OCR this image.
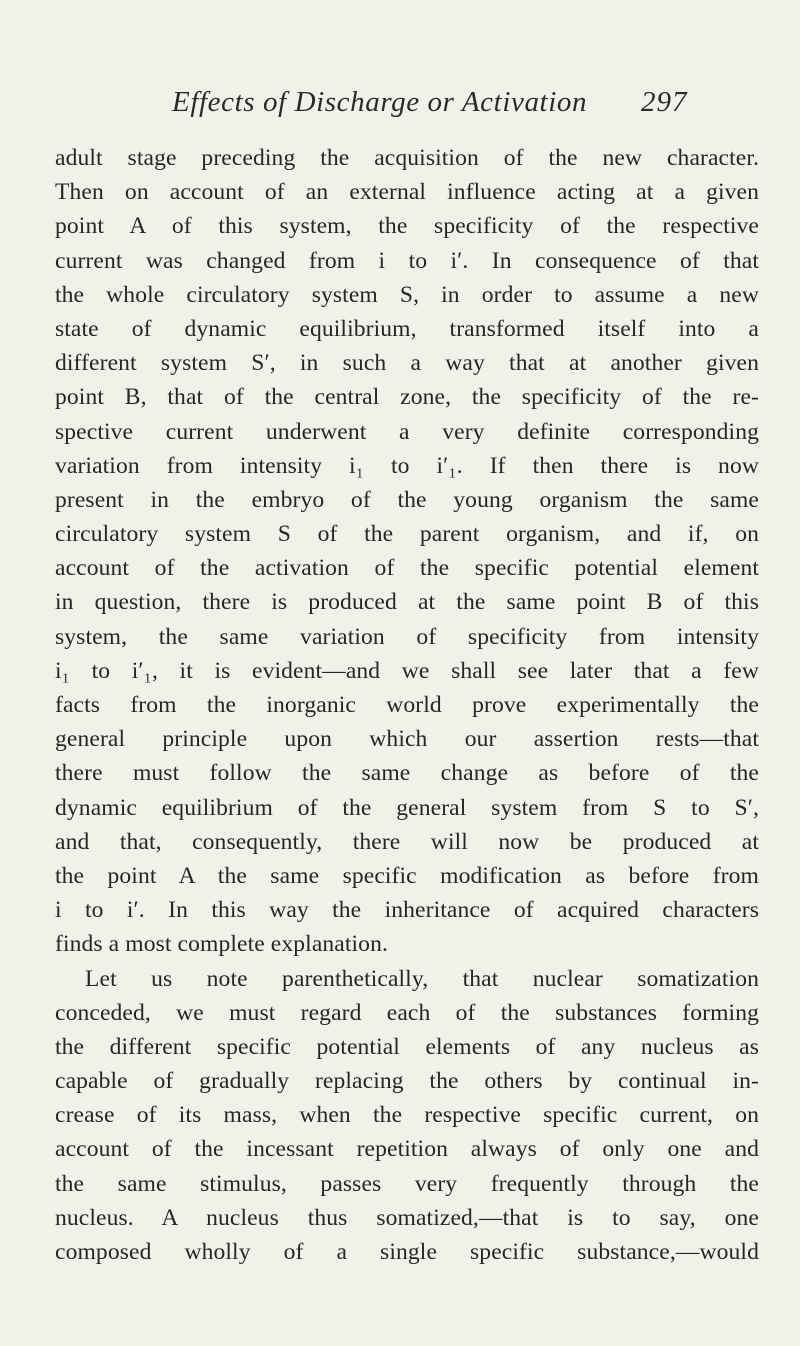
Effects of Discharge or Activation 297
adult stage preceding the acquisition of the new character.
Then on account of an external influence acting at a given
point A of this system, the specificity of the respective
current was changed from i to i′. In consequence of that
the whole circulatory system S, in order to assume a new
state of dynamic equilibrium, transformed itself into a
different system S′, in such a way that at another given
point B, that of the central zone, the specificity of the re-
spective current underwent a very definite corresponding
variation from intensity i₁ to i′₁. If then there is now
present in the embryo of the young organism the same
circulatory system S of the parent organism, and if, on
account of the activation of the specific potential element
in question, there is produced at the same point B of this
system, the same variation of specificity from intensity
i₁ to i′₁, it is evident—and we shall see later that a few
facts from the inorganic world prove experimentally the
general principle upon which our assertion rests—that
there must follow the same change as before of the
dynamic equilibrium of the general system from S to S′,
and that, consequently, there will now be produced at
the point A the same specific modification as before from
i to i′. In this way the inheritance of acquired characters
finds a most complete explanation.
Let us note parenthetically, that nuclear somatization
conceded, we must regard each of the substances forming
the different specific potential elements of any nucleus as
capable of gradually replacing the others by continual in-
crease of its mass, when the respective specific current, on
account of the incessant repetition always of only one and
the same stimulus, passes very frequently through the
nucleus. A nucleus thus somatized,—that is to say, one
composed wholly of a single specific substance,—would
